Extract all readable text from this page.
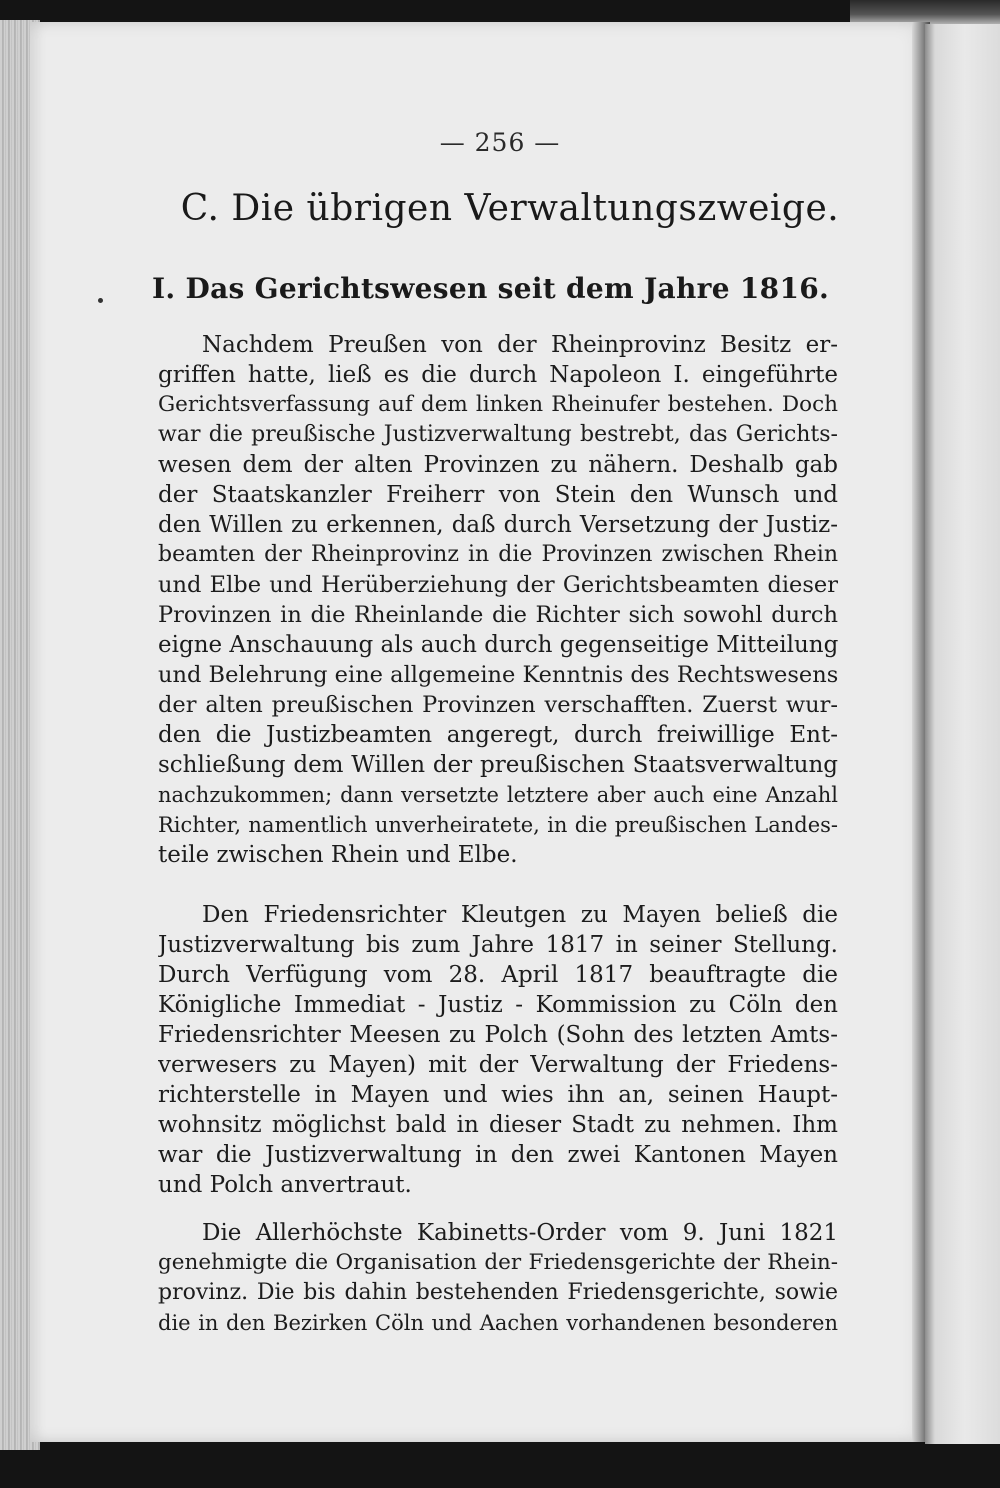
— 256 —
C. Die übrigen Verwaltungszweige.
I. Das Gerichtswesen seit dem Jahre 1816.
Nachdem Preußen von der Rheinprovinz Besitz er-
griffen hatte, ließ es die durch Napoleon I. eingeführte
Gerichtsverfassung auf dem linken Rheinufer bestehen. Doch
war die preußische Justizverwaltung bestrebt, das Gerichts-
wesen dem der alten Provinzen zu nähern. Deshalb gab
der Staatskanzler Freiherr von Stein den Wunsch und
den Willen zu erkennen, daß durch Versetzung der Justiz-
beamten der Rheinprovinz in die Provinzen zwischen Rhein
und Elbe und Herüberziehung der Gerichtsbeamten dieser
Provinzen in die Rheinlande die Richter sich sowohl durch
eigne Anschauung als auch durch gegenseitige Mitteilung
und Belehrung eine allgemeine Kenntnis des Rechtswesens
der alten preußischen Provinzen verschafften. Zuerst wur-
den die Justizbeamten angeregt, durch freiwillige Ent-
schließung dem Willen der preußischen Staatsverwaltung
nachzukommen; dann versetzte letztere aber auch eine Anzahl
Richter, namentlich unverheiratete, in die preußischen Landes-
teile zwischen Rhein und Elbe.
Den Friedensrichter Kleutgen zu Mayen beließ die
Justizverwaltung bis zum Jahre 1817 in seiner Stellung.
Durch Verfügung vom 28. April 1817 beauftragte die
Königliche Immediat - Justiz - Kommission zu Cöln den
Friedensrichter Meesen zu Polch (Sohn des letzten Amts-
verwesers zu Mayen) mit der Verwaltung der Friedens-
richterstelle in Mayen und wies ihn an, seinen Haupt-
wohnsitz möglichst bald in dieser Stadt zu nehmen. Ihm
war die Justizverwaltung in den zwei Kantonen Mayen
und Polch anvertraut.
Die Allerhöchste Kabinetts-Order vom 9. Juni 1821
genehmigte die Organisation der Friedensgerichte der Rhein-
provinz. Die bis dahin bestehenden Friedensgerichte, sowie
die in den Bezirken Cöln und Aachen vorhandenen besonderen
